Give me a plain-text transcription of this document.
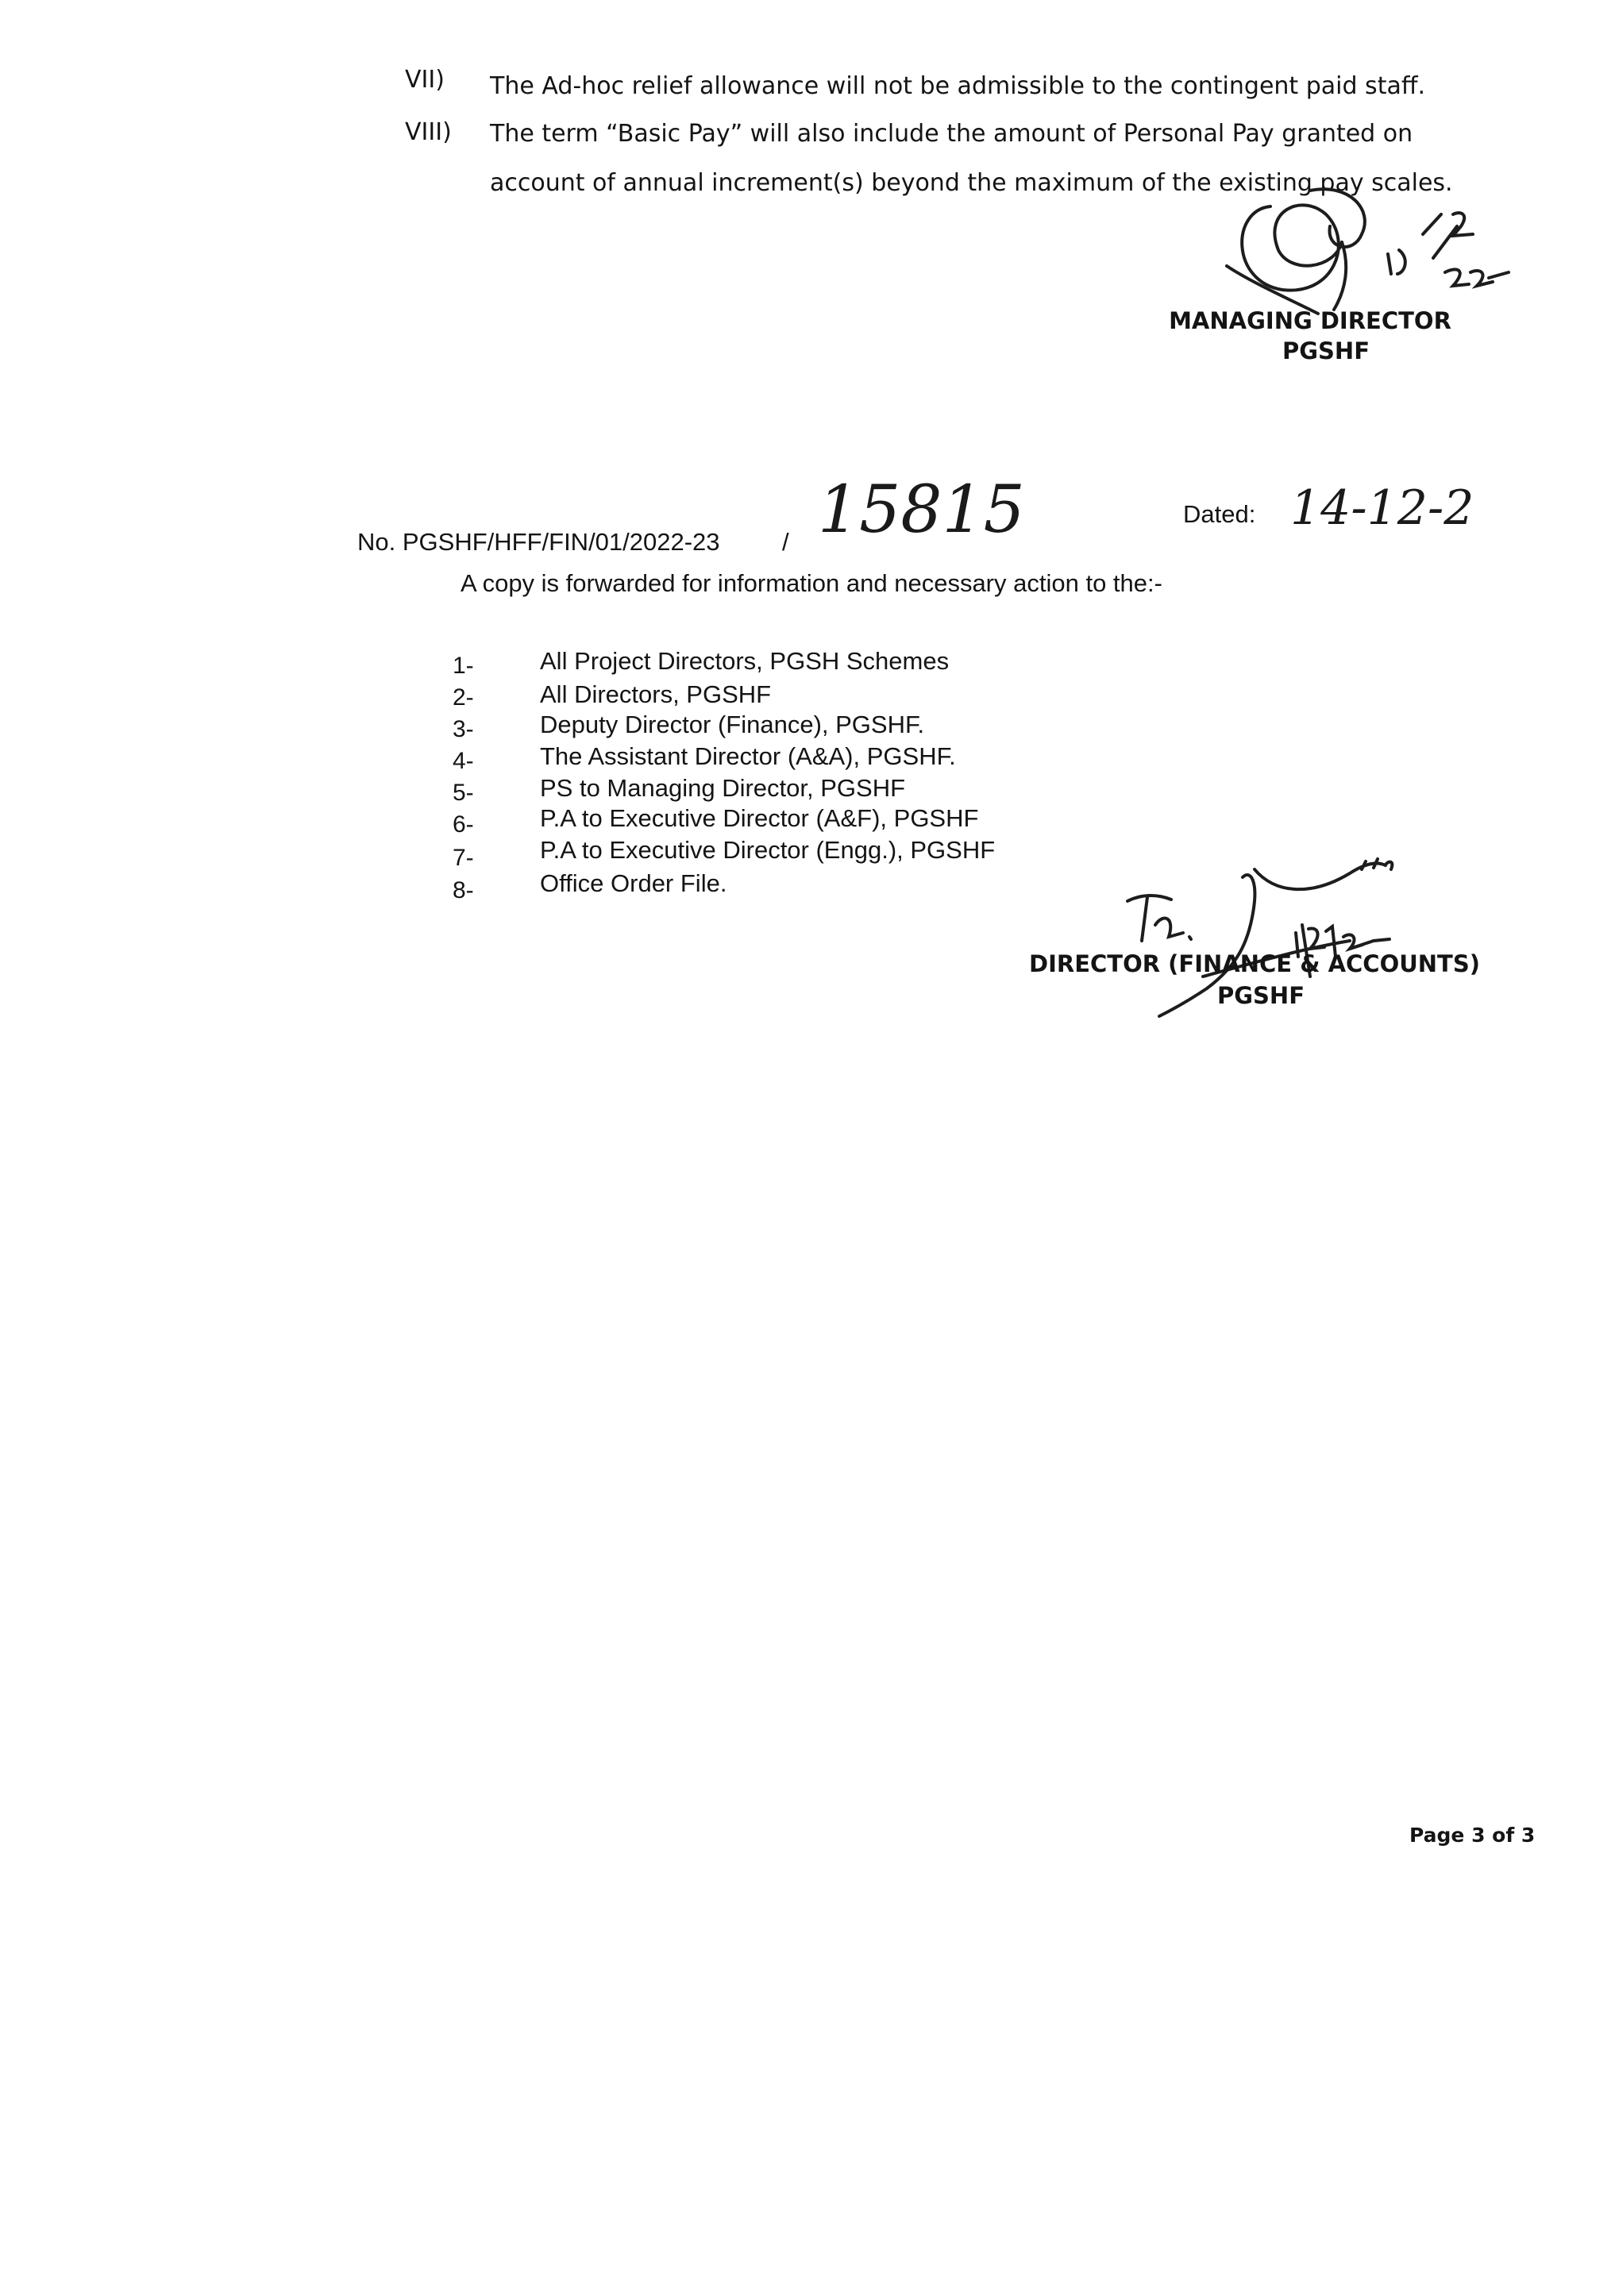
VII) The Ad-hoc relief allowance will not be admissible to the contingent paid staff.
VIII) The term “Basic Pay” will also include the amount of Personal Pay granted on account of annual increment(s) beyond the maximum of the existing pay scales.
MANAGING DIRECTOR
PGSHF
No. PGSHF/HFF/FIN/01/2022-23	/ 15815	Dated: 14-12-2
A copy is forwarded for information and necessary action to the:-
1-	All Project Directors, PGSH Schemes
2-	All Directors, PGSHF
3-	Deputy Director (Finance), PGSHF.
4-	The Assistant Director (A&A), PGSHF.
5-	PS to Managing Director, PGSHF
6-	P.A to Executive Director (A&F), PGSHF
7-	P.A to Executive Director (Engg.), PGSHF
8-	Office Order File.
DIRECTOR (FINANCE & ACCOUNTS)
PGSHF
Page 3 of 3
